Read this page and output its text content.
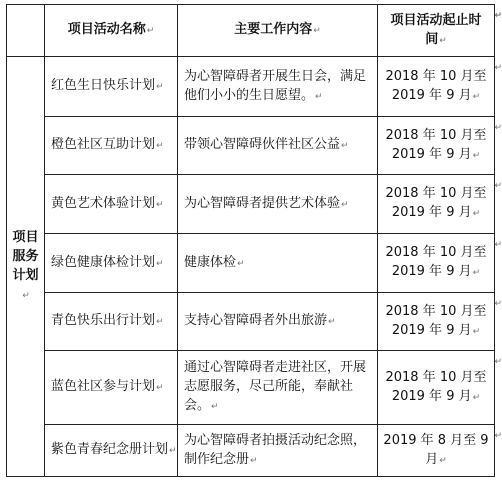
	项目活动名称↵	主要工作内容↵	项目活动起止时
间↵
↵

项目
服务
计划
↵	红色生日快乐计划↵	为心智障碍者开展生日会，满足他们小小的生日愿望。↵	2018 年 10 月至
2019 年 9 月↵
↵

	橙色社区互助计划↵	带领心智障碍伙伴社区公益↵	2018 年 10 月至
2019 年 9 月↵
↵

	黄色艺术体验计划↵	为心智障碍者提供艺术体验↵	2018 年 10 月至
2019 年 9 月↵
↵

	绿色健康体检计划↵	健康体检↵	2018 年 10 月至
2019 年 9 月↵
↵

	青色快乐出行计划↵	支持心智障碍者外出旅游↵	2018 年 10 月至
2019 年 9 月↵
↵

	蓝色社区参与计划↵	通过心智障碍者走进社区，开展志愿服务，尽己所能，奉献社会。↵	2018 年 10 月至
2019 年 9 月↵
↵

	紫色青春纪念册计划↵	为心智障碍者拍摄活动纪念照，制作纪念册↵	2019 年 8 月至 9
月↵
↵
